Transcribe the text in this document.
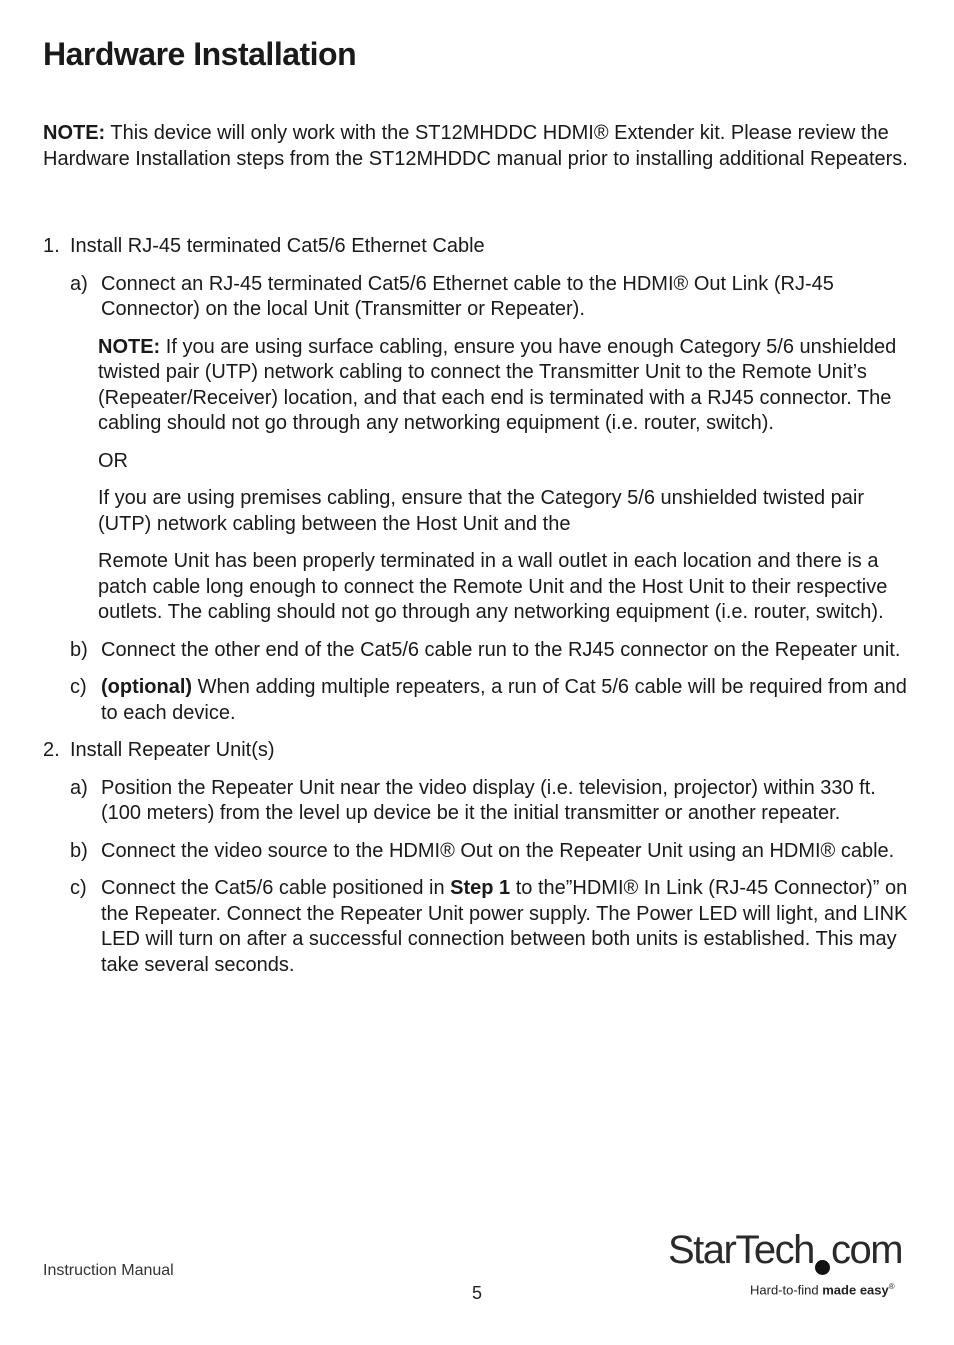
Hardware Installation

NOTE: This device will only work with the ST12MHDDC HDMI® Extender kit. Please review the Hardware Installation steps from the ST12MHDDC manual prior to installing additional Repeaters.

1. Install RJ-45 terminated Cat5/6 Ethernet Cable
a) Connect an RJ-45 terminated Cat5/6 Ethernet cable to the HDMI® Out Link (RJ-45 Connector) on the local Unit (Transmitter or Repeater).

NOTE: If you are using surface cabling, ensure you have enough Category 5/6 unshielded twisted pair (UTP) network cabling to connect the Transmitter Unit to the Remote Unit’s (Repeater/Receiver) location, and that each end is terminated with a RJ45 connector. The cabling should not go through any networking equipment (i.e. router, switch).

OR

If you are using premises cabling, ensure that the Category 5/6 unshielded twisted pair (UTP) network cabling between the Host Unit and the

Remote Unit has been properly terminated in a wall outlet in each location and there is a patch cable long enough to connect the Remote Unit and the Host Unit to their respective outlets. The cabling should not go through any networking equipment (i.e. router, switch).

b) Connect the other end of the Cat5/6 cable run to the RJ45 connector on the Repeater unit.
c) (optional) When adding multiple repeaters, a run of Cat 5/6 cable will be required from and to each device.
2. Install Repeater Unit(s)
a) Position the Repeater Unit near the video display (i.e. television, projector) within 330 ft. (100 meters) from the level up device be it the initial transmitter or another repeater.
b) Connect the video source to the HDMI® Out on the Repeater Unit using an HDMI® cable.
c) Connect the Cat5/6 cable positioned in Step 1 to the”HDMI® In Link (RJ-45 Connector)” on the Repeater. Connect the Repeater Unit power supply. The Power LED will light, and LINK LED will turn on after a successful connection between both units is established. This may take several seconds.
Instruction Manual
5
StarTech com
Hard-to-find made easy®
